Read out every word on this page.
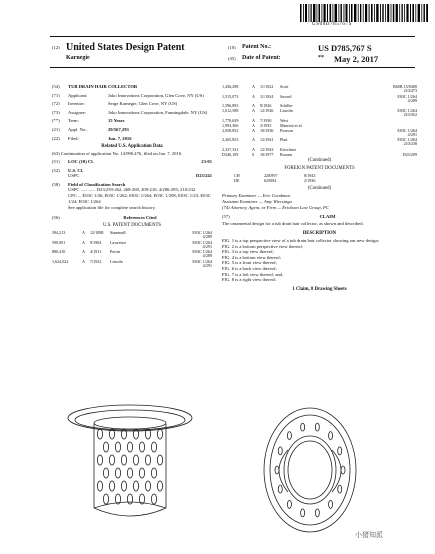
US00D785767S
(12) United States Design Patent
Karnegie
(10) Patent No.:	US D785,767 S
(45) Date of Patent:	** May 2, 2017
(54)	TUB DRAIN HAIR COLLECTOR
(71)	Applicant:	Joko Innovations Corporation, Glen Cove, NY (US)
(72)	Inventor:	Serge Karnegie, Glen Cove, NY (US)
(73)	Assignee:	Joko Innovations Corporation, Farmingdale, NY (US)
(**)	Term:	15 Years
(21)	Appl. No.:	29/567,293
(22)	Filed:	Jun. 7, 2016
Related U.S. Application Data
(63) Continuation of application No. 14/990,476, filed on Jan. 7, 2016.
(51)	LOC (10) Cl.	23-01
(52)	U.S. Cl.
USPC	D23/241
(58)	Field of Classification Search
USPC ............. D23/259-262, 268-269, 209-210; 4/286-295; 210/232
CPC ... E03C 1/26; E03C 1/262; E03C 1/264; E03C 1/298; E03C 1/23; E03C 1/24; E03C 1/264
See application file for complete search history.
(56)	References Cited
U.S. PATENT DOCUMENTS
394,213	A	12/1888	Stammell	E03C 1/264
4/289
590,001	A	9/1904	Lawrence	E03C 1/264
4/291
880,410	A	4/1911	Perrin	E03C 1/264
4/289
1,624,022	A	7/1922	Lincoln	E03C 1/264
4/291
1,436,298	A	11/1922	Scott	B60B 15/0400
210/473
1,515,073	A	11/1924	Savard	E03C 1/264
4/289
1,596,893	A	8/1926	Schiller
1,612,588	A	12/1926	Lincoln	E03C 1/264
210/452
1,770,639	A	7/1930	West
1,993,366	A	3/1935	Mancini et al.
2,058,852	A	10/1936	Pearson	E03C 1/264
4/291
2,265,833	A	12/1941	Platt	E03C 1/264
210/238
2,337,331	A	12/1943	Kirschner
D346,109	S	10/1977	Roosen	D23/209
(Continued)
FOREIGN PATENT DOCUMENTS
CH	228/897	8/1943
DE	625084	2/1936
(Continued)
Primary Examiner — Eric Goodman
Assistant Examiner — Amy Wiersinga
(74) Attorney, Agent, or Firm — Erickson Law Group, PC
(57)	CLAIM
The ornamental design for a tub drain hair collector, as shown and described.
DESCRIPTION
FIG. 1 is a top perspective view of a tub drain hair collector showing our new design;
FIG. 2 is a bottom perspective view thereof;
FIG. 3 is a top view thereof;
FIG. 4 is a bottom view thereof;
FIG. 5 is a front view thereof;
FIG. 6 is a back view thereof;
FIG. 7 is a left view thereof; and,
FIG. 8 is a right view thereof.
1 Claim, 8 Drawing Sheets
小猪知派
